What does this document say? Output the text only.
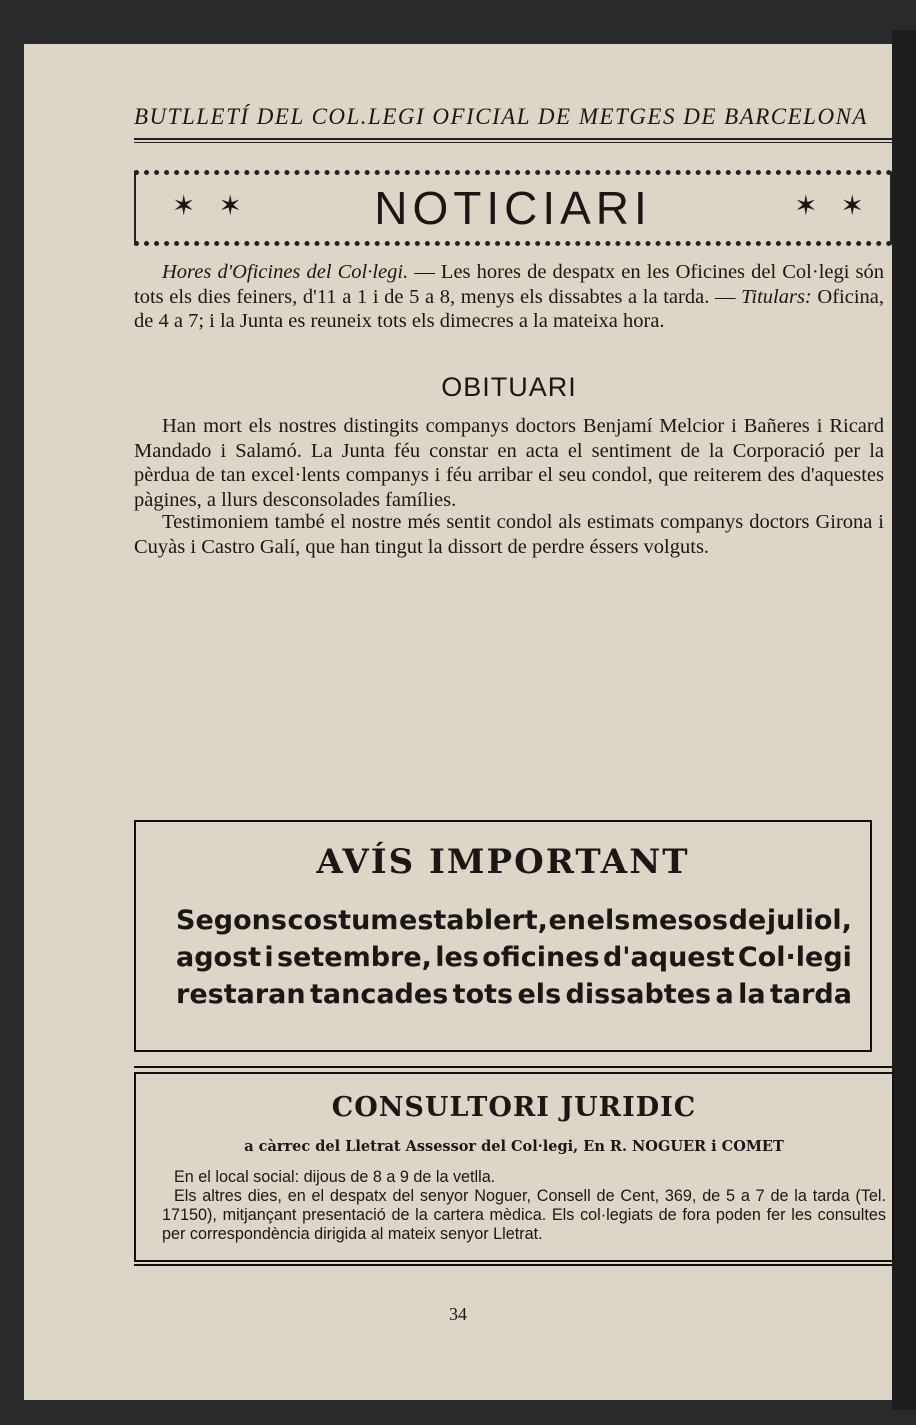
BUTLLETÍ DEL COL.LEGI OFICIAL DE METGES DE BARCELONA
✶ ✶	NOTICIARI	✶ ✶
Hores d'Oficines del Col·legi. — Les hores de despatx en les Oficines del Col·legi són tots els dies feiners, d'11 a 1 i de 5 a 8, menys els dissabtes a la tarda. — Titulars: Oficina, de 4 a 7; i la Junta es reuneix tots els dimecres a la mateixa hora.
OBITUARI
Han mort els nostres distingits companys doctors Benjamí Melcior i Bañeres i Ricard Mandado i Salamó. La Junta féu constar en acta el sentiment de la Corporació per la pèrdua de tan excel·lents companys i féu arribar el seu condol, que reiterem des d'aquestes pàgines, a llurs desconsolades famílies.
Testimoniem també el nostre més sentit condol als estimats companys doctors Girona i Cuyàs i Castro Galí, que han tingut la dissort de perdre éssers volguts.
AVÍS IMPORTANT
Segons costum establert, en els mesos de juliol,
agost i setembre, les oficines d'aquest Col·legi
restaran tancades tots els dissabtes a la tarda
CONSULTORI JURIDIC
a càrrec del Lletrat Assessor del Col·legi, En R. NOGUER i COMET

En el local social: dijous de 8 a 9 de la vetlla.

Els altres dies, en el despatx del senyor Noguer, Consell de Cent, 369, de 5 a 7 de la tarda (Tel. 17150), mitjançant presentació de la cartera mèdica. Els col·legiats de fora poden fer les consultes per correspondència dirigida al mateix senyor Lletrat.

34
